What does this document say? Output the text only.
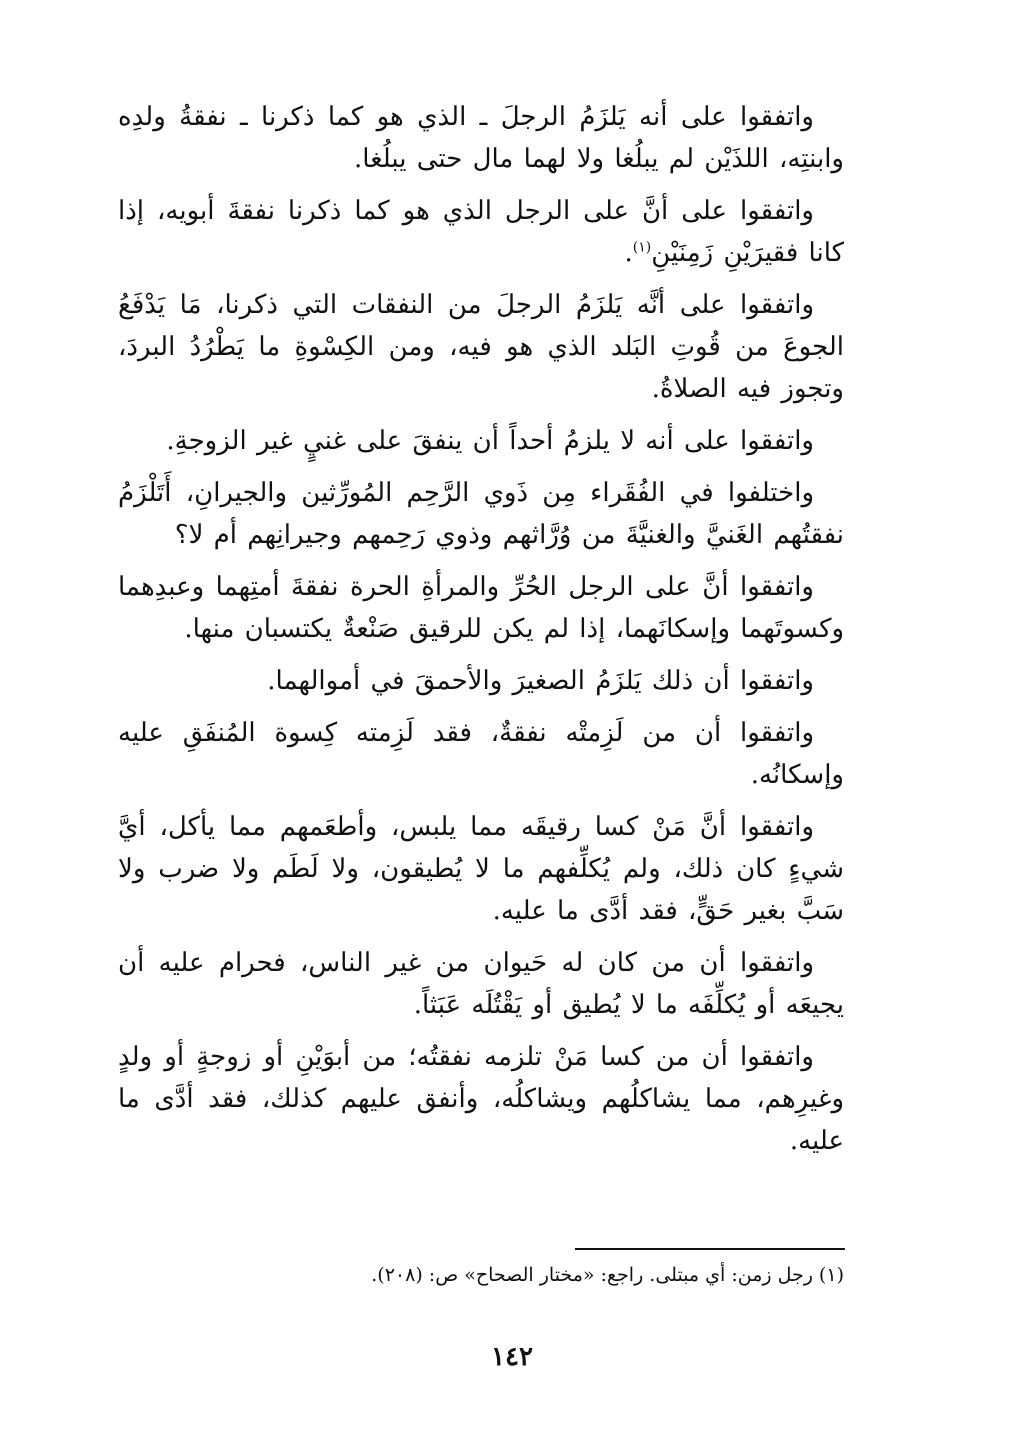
واتفقوا على أنه يَلزَمُ الرجلَ ـ الذي هو كما ذكرنا ـ نفقةُ ولدِه وابنتِه، اللذَيْن لم يبلُغا ولا لهما مال حتى يبلُغا.

واتفقوا على أنَّ على الرجل الذي هو كما ذكرنا نفقةَ أبويه، إذا كانا فقيرَيْنِ زَمِنَيْنِ$^{(١)}$.

واتفقوا على أنَّه يَلزَمُ الرجلَ من النفقات التي ذكرنا، مَا يَدْفَعُ الجوعَ من قُوتِ البَلد الذي هو فيه، ومن الكِسْوةِ ما يَطْرُدُ البردَ، وتجوز فيه الصلاةُ.

واتفقوا على أنه لا يلزمُ أحداً أن ينفقَ على غنيٍ غير الزوجةِ.

واختلفوا في الفُقَراء مِن ذَوي الرَّحِم المُورِّثين والجيرانِ، أَتَلْزَمُ نفقتُهم الغَنيَّ والغنيَّةَ من وُرَّاثهم وذوي رَحِمهم وجيرانِهم أم لا؟

واتفقوا أنَّ على الرجل الحُرِّ والمرأةِ الحرة نفقةَ أمتِهما وعبدِهما وكسوتَهما وإسكانَهما، إذا لم يكن للرقيق صَنْعةٌ يكتسبان منها.

واتفقوا أن ذلك يَلزَمُ الصغيرَ والأحمقَ في أموالهما.

واتفقوا أن من لَزِمتْه نفقةٌ، فقد لَزِمته كِسوة المُنفَقِ عليه وإسكانُه.

واتفقوا أنَّ مَنْ كسا رقيقَه مما يلبس، وأطعَمهم مما يأكل، أيَّ شيءٍ كان ذلك، ولم يُكلِّفهم ما لا يُطيقون، ولا لَطَم ولا ضرب ولا سَبَّ بغير حَقٍّ، فقد أدَّى ما عليه.

واتفقوا أن من كان له حَيوان من غير الناس، فحرام عليه أن يجيعَه أو يُكلِّفَه ما لا يُطيق أو يَقْتُلَه عَبَثاً.

واتفقوا أن من كسا مَنْ تلزمه نفقتُه؛ من أبوَيْنِ أو زوجةٍ أو ولدٍ وغيرِهم، مما يشاكلُهم ويشاكلُه، وأنفق عليهم كذلك، فقد أدَّى ما عليه.

(١) رجل زمن: أي مبتلى. راجع: «مختار الصحاح» ص: (٢٠٨).
١٤٢
